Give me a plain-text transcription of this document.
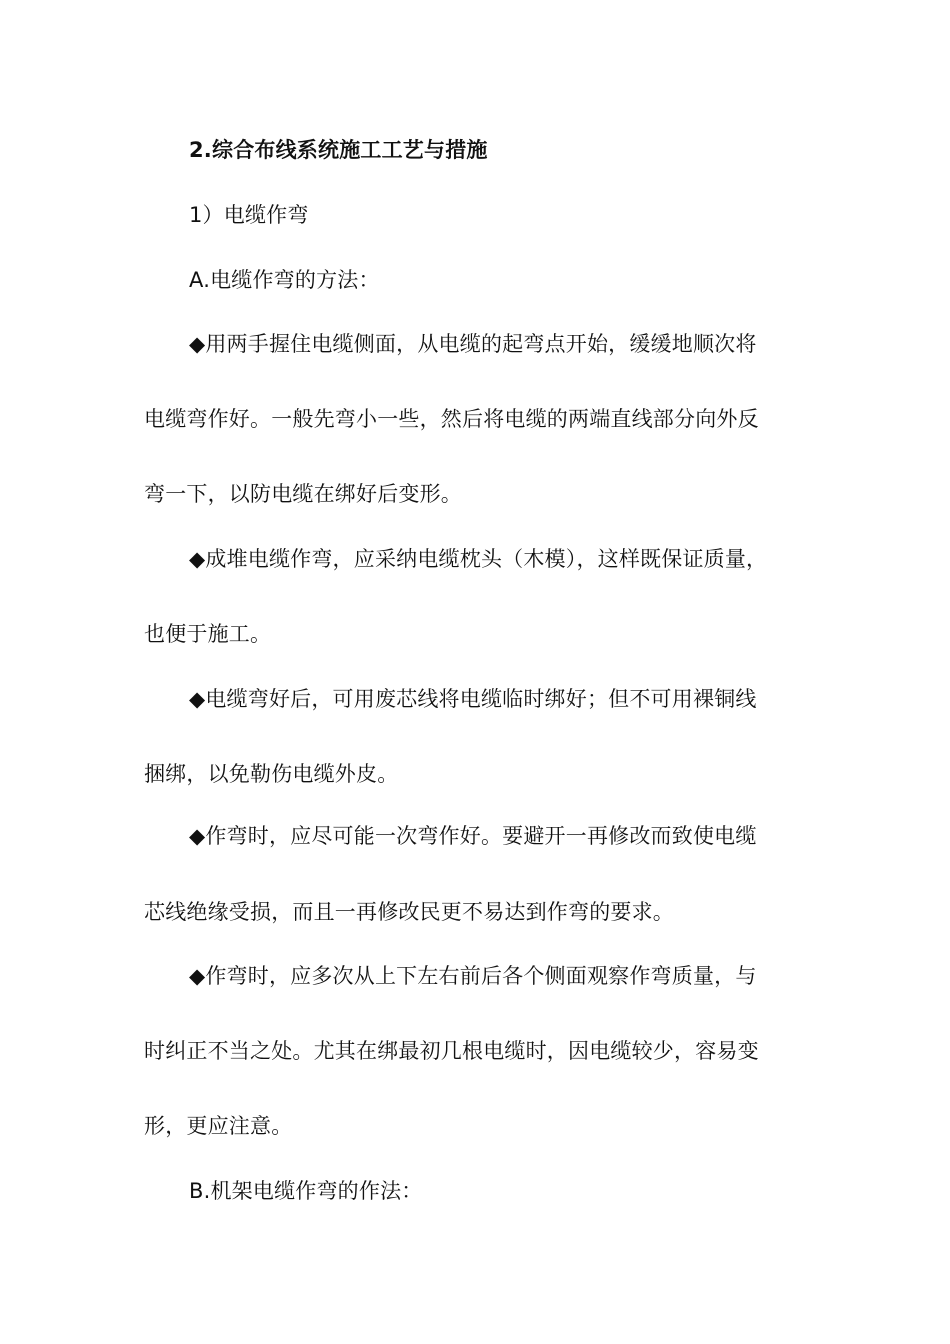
2.综合布线系统施工工艺与措施
1）电缆作弯
A.电缆作弯的方法：
◆用两手握住电缆侧面，从电缆的起弯点开始，缓缓地顺次将
电缆弯作好。一般先弯小一些，然后将电缆的两端直线部分向外反
弯一下，以防电缆在绑好后变形。
◆成堆电缆作弯，应采纳电缆枕头（木模），这样既保证质量，
也便于施工。
◆电缆弯好后，可用废芯线将电缆临时绑好；但不可用裸铜线
捆绑，以免勒伤电缆外皮。
◆作弯时，应尽可能一次弯作好。要避开一再修改而致使电缆
芯线绝缘受损，而且一再修改民更不易达到作弯的要求。
◆作弯时，应多次从上下左右前后各个侧面观察作弯质量，与
时纠正不当之处。尤其在绑最初几根电缆时，因电缆较少，容易变
形，更应注意。
B.机架电缆作弯的作法：
